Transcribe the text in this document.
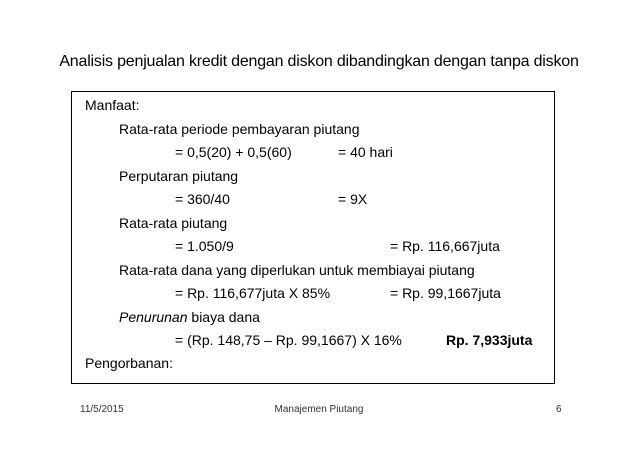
Analisis penjualan kredit dengan diskon dibandingkan dengan tanpa diskon
Manfaat:
Rata-rata periode pembayaran piutang
= 0,5(20) + 0,5(60)	= 40 hari
Perputaran piutang
= 360/40	= 9X
Rata-rata piutang
= 1.050/9	= Rp. 116,667juta
Rata-rata dana yang diperlukan untuk membiayai piutang
= Rp. 116,677juta X 85%	= Rp. 99,1667juta
Penurunan biaya dana
= (Rp. 148,75 – Rp. 99,1667) X 16%	Rp. 7,933juta
Pengorbanan:
11/5/2015	Manajemen Piutang	6
